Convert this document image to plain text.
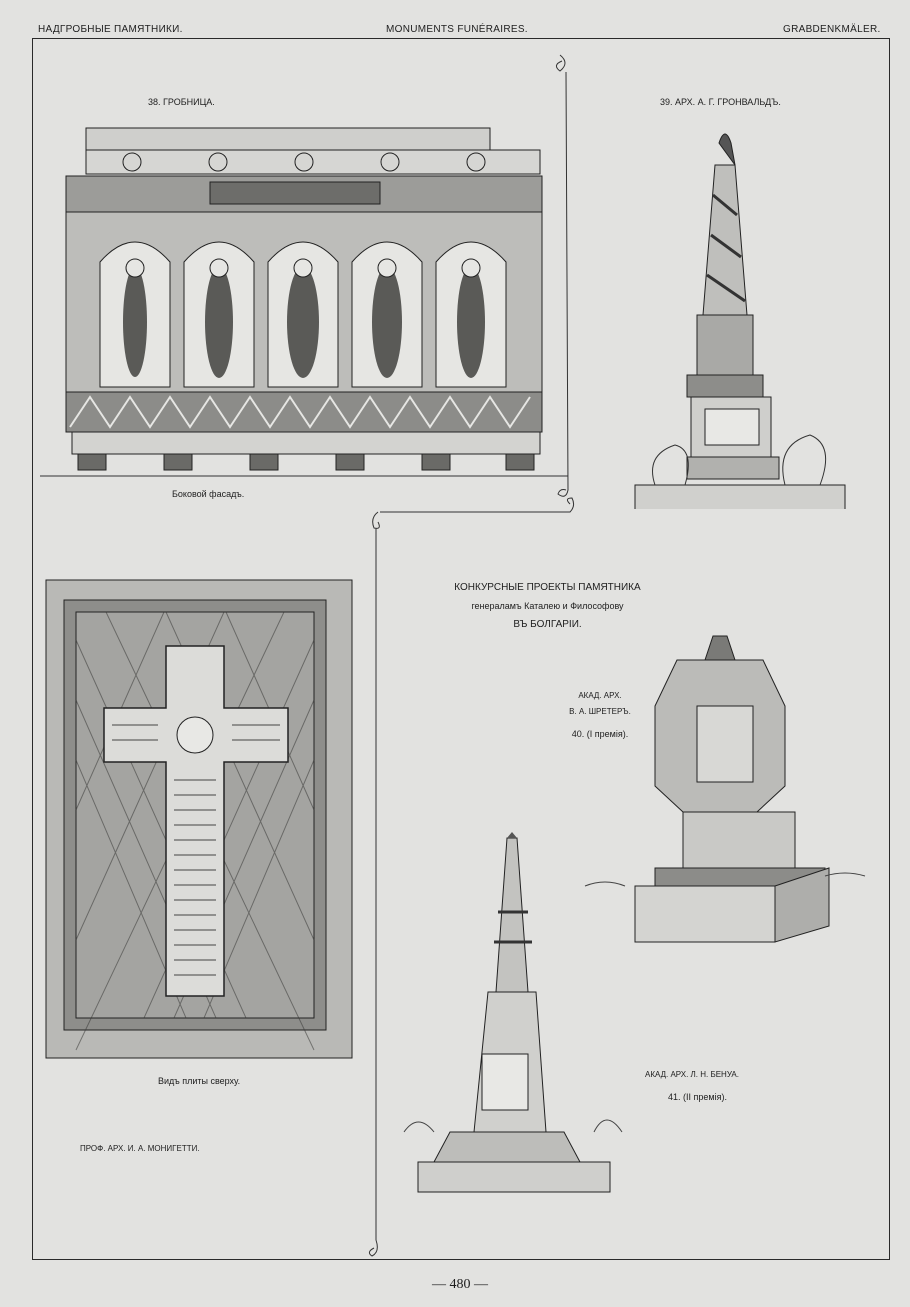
НАДГРОБНЫЕ ПАМЯТНИКИ.	MONUMENTS FUNÉRAIRES.	GRABDENKMÄLER.
38. ГРОБНИЦА.
Боковой фасадъ.
39. АРХ. А. Г. ГРОНВАЛЬДЪ.
Видъ плиты сверху.
ПРОФ. АРХ. И. А. МОНИГЕТТИ.
КОНКУРСНЫЕ ПРОЕКТЫ ПАМЯТНИКА
генераламъ Каталею и Философову
ВЪ БОЛГАРІИ.
АКАД. АРХ.
В. А. ШРЕТЕРЪ.
40. (I премія).
АКАД. АРХ. Л. Н. БЕНУА.
41. (II премія).
— 480 —
